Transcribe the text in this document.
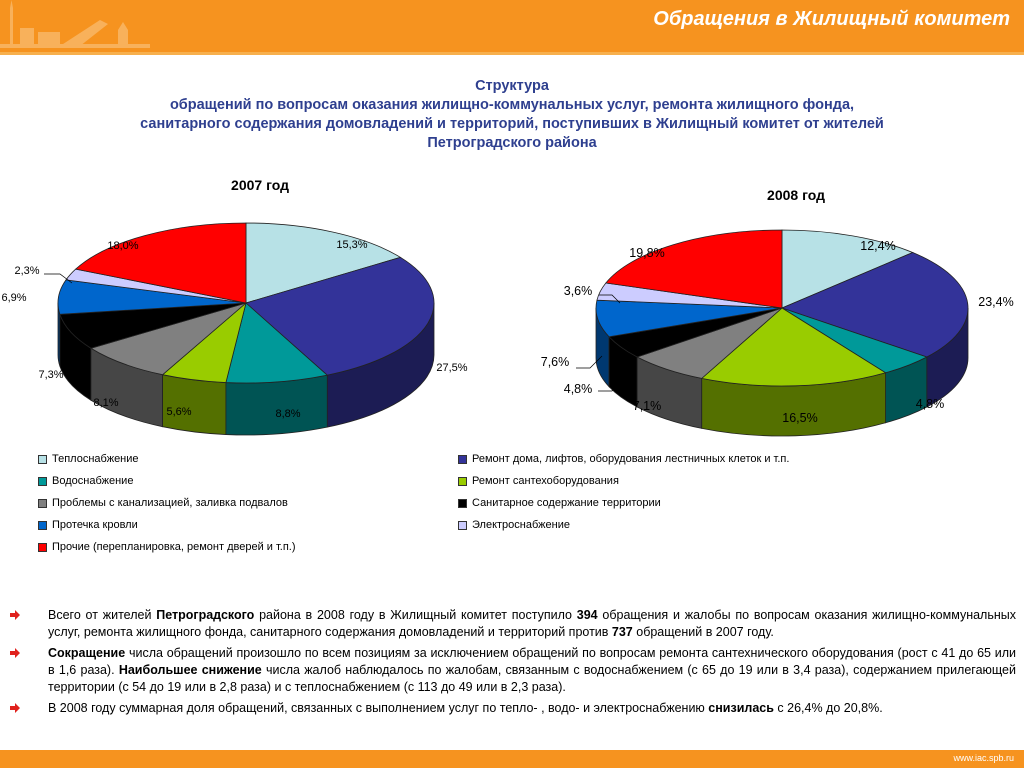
Обращения в Жилищный комитет
Структура
обращений по вопросам оказания жилищно-коммунальных услуг, ремонта жилищного фонда,
санитарного содержания домовладений и территорий, поступивших в Жилищный комитет от жителей
Петроградского района
2007 год
2008 год
15,3%
27,5%
8,8%
5,6%
8,1%
7,3%
6,9%
2,3%
18,0%	12,4%
23,4%
4,8%
16,5%
7,1%
4,8%
7,6%
3,6%
19,8%
Теплоснабжение	Ремонт дома, лифтов, оборудования лестничных клеток и т.п.
Водоснабжение	Ремонт сантехоборудования
Проблемы с канализацией, заливка подвалов	Санитарное содержание территории
Протечка кровли	Электроснабжение
Прочие (перепланировка, ремонт дверей и т.п.)
Всего от жителей Петроградского района в 2008 году в Жилищный комитет поступило 394 обращения и жалобы по вопросам оказания жилищно-коммунальных услуг, ремонта жилищного фонда, санитарного содержания домовладений и территорий против 737 обращений в 2007 году.
Сокращение числа обращений произошло по всем позициям за исключением обращений по вопросам ремонта сантехнического оборудования (рост с 41 до 65 или в 1,6 раза). Наибольшее снижение числа жалоб наблюдалось по жалобам, связанным с водоснабжением (с 65 до 19 или в 3,4 раза), содержанием прилегающей территории (с 54 до 19 или в 2,8 раза) и с теплоснабжением (с 113 до 49 или в 2,3 раза).
В 2008 году суммарная доля обращений, связанных с выполнением услуг по тепло- , водо- и электроснабжению снизилась с 26,4% до 20,8%.
www.iac.spb.ru
